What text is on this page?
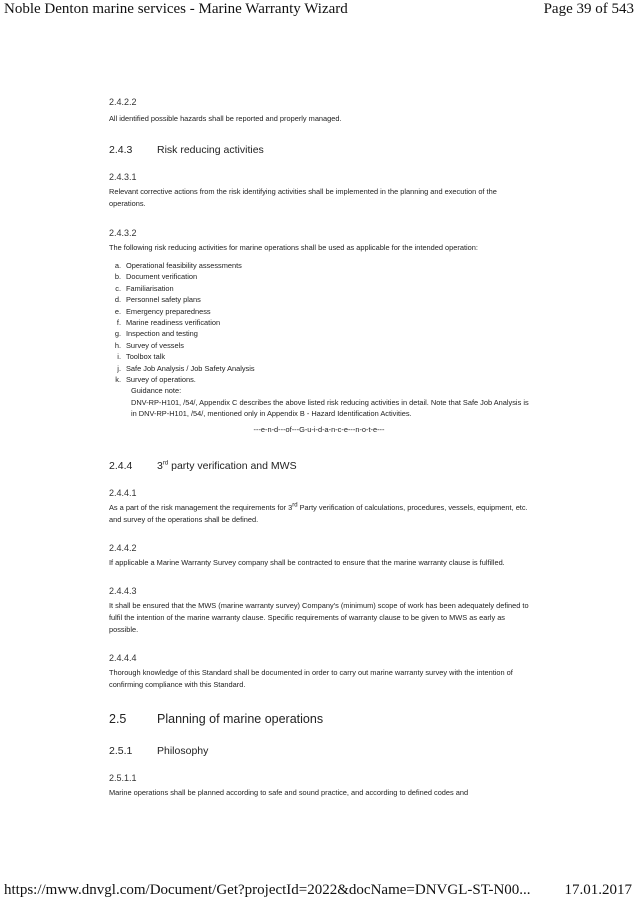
Noble Denton marine services - Marine Warranty Wizard	Page 39 of 543

2.4.2.2

All identified possible hazards shall be reported and properly managed.

2.4.3	Risk reducing activities

2.4.3.1

Relevant corrective actions from the risk identifying activities shall be implemented in the planning and execution of the operations.

2.4.3.2

The following risk reducing activities for marine operations shall be used as applicable for the intended operation:

a. Operational feasibility assessments
b. Document verification
c. Familiarisation
d. Personnel safety plans
e. Emergency preparedness
f. Marine readiness verification
g. Inspection and testing
h. Survey of vessels
i. Toolbox talk
j. Safe Job Analysis / Job Safety Analysis
k. Survey of operations.
Guidance note:
DNV-RP-H101, /54/, Appendix C describes the above listed risk reducing activities in detail. Note that Safe Job Analysis is in DNV-RP-H101, /54/, mentioned only in Appendix B - Hazard Identification Activities.
---e-n-d---of---G-u-i-d-a-n-c-e---n-o-t-e---

2.4.4	3rd party verification and MWS

2.4.4.1

As a part of the risk management the requirements for 3rd Party verification of calculations, procedures, vessels, equipment, etc. and survey of the operations shall be defined.

2.4.4.2

If applicable a Marine Warranty Survey company shall be contracted to ensure that the marine warranty clause is fulfilled.

2.4.4.3

It shall be ensured that the MWS (marine warranty survey) Company's (minimum) scope of work has been adequately defined to fulfil the intention of the marine warranty clause. Specific requirements of warranty clause to be given to MWS as early as possible.

2.4.4.4

Thorough knowledge of this Standard shall be documented in order to carry out marine warranty survey with the intention of confirming compliance with this Standard.

2.5	Planning of marine operations

2.5.1	Philosophy

2.5.1.1

Marine operations shall be planned according to safe and sound practice, and according to defined codes and

https://mww.dnvgl.com/Document/Get?projectId=2022&docName=DNVGL-ST-N00... 17.01.2017
